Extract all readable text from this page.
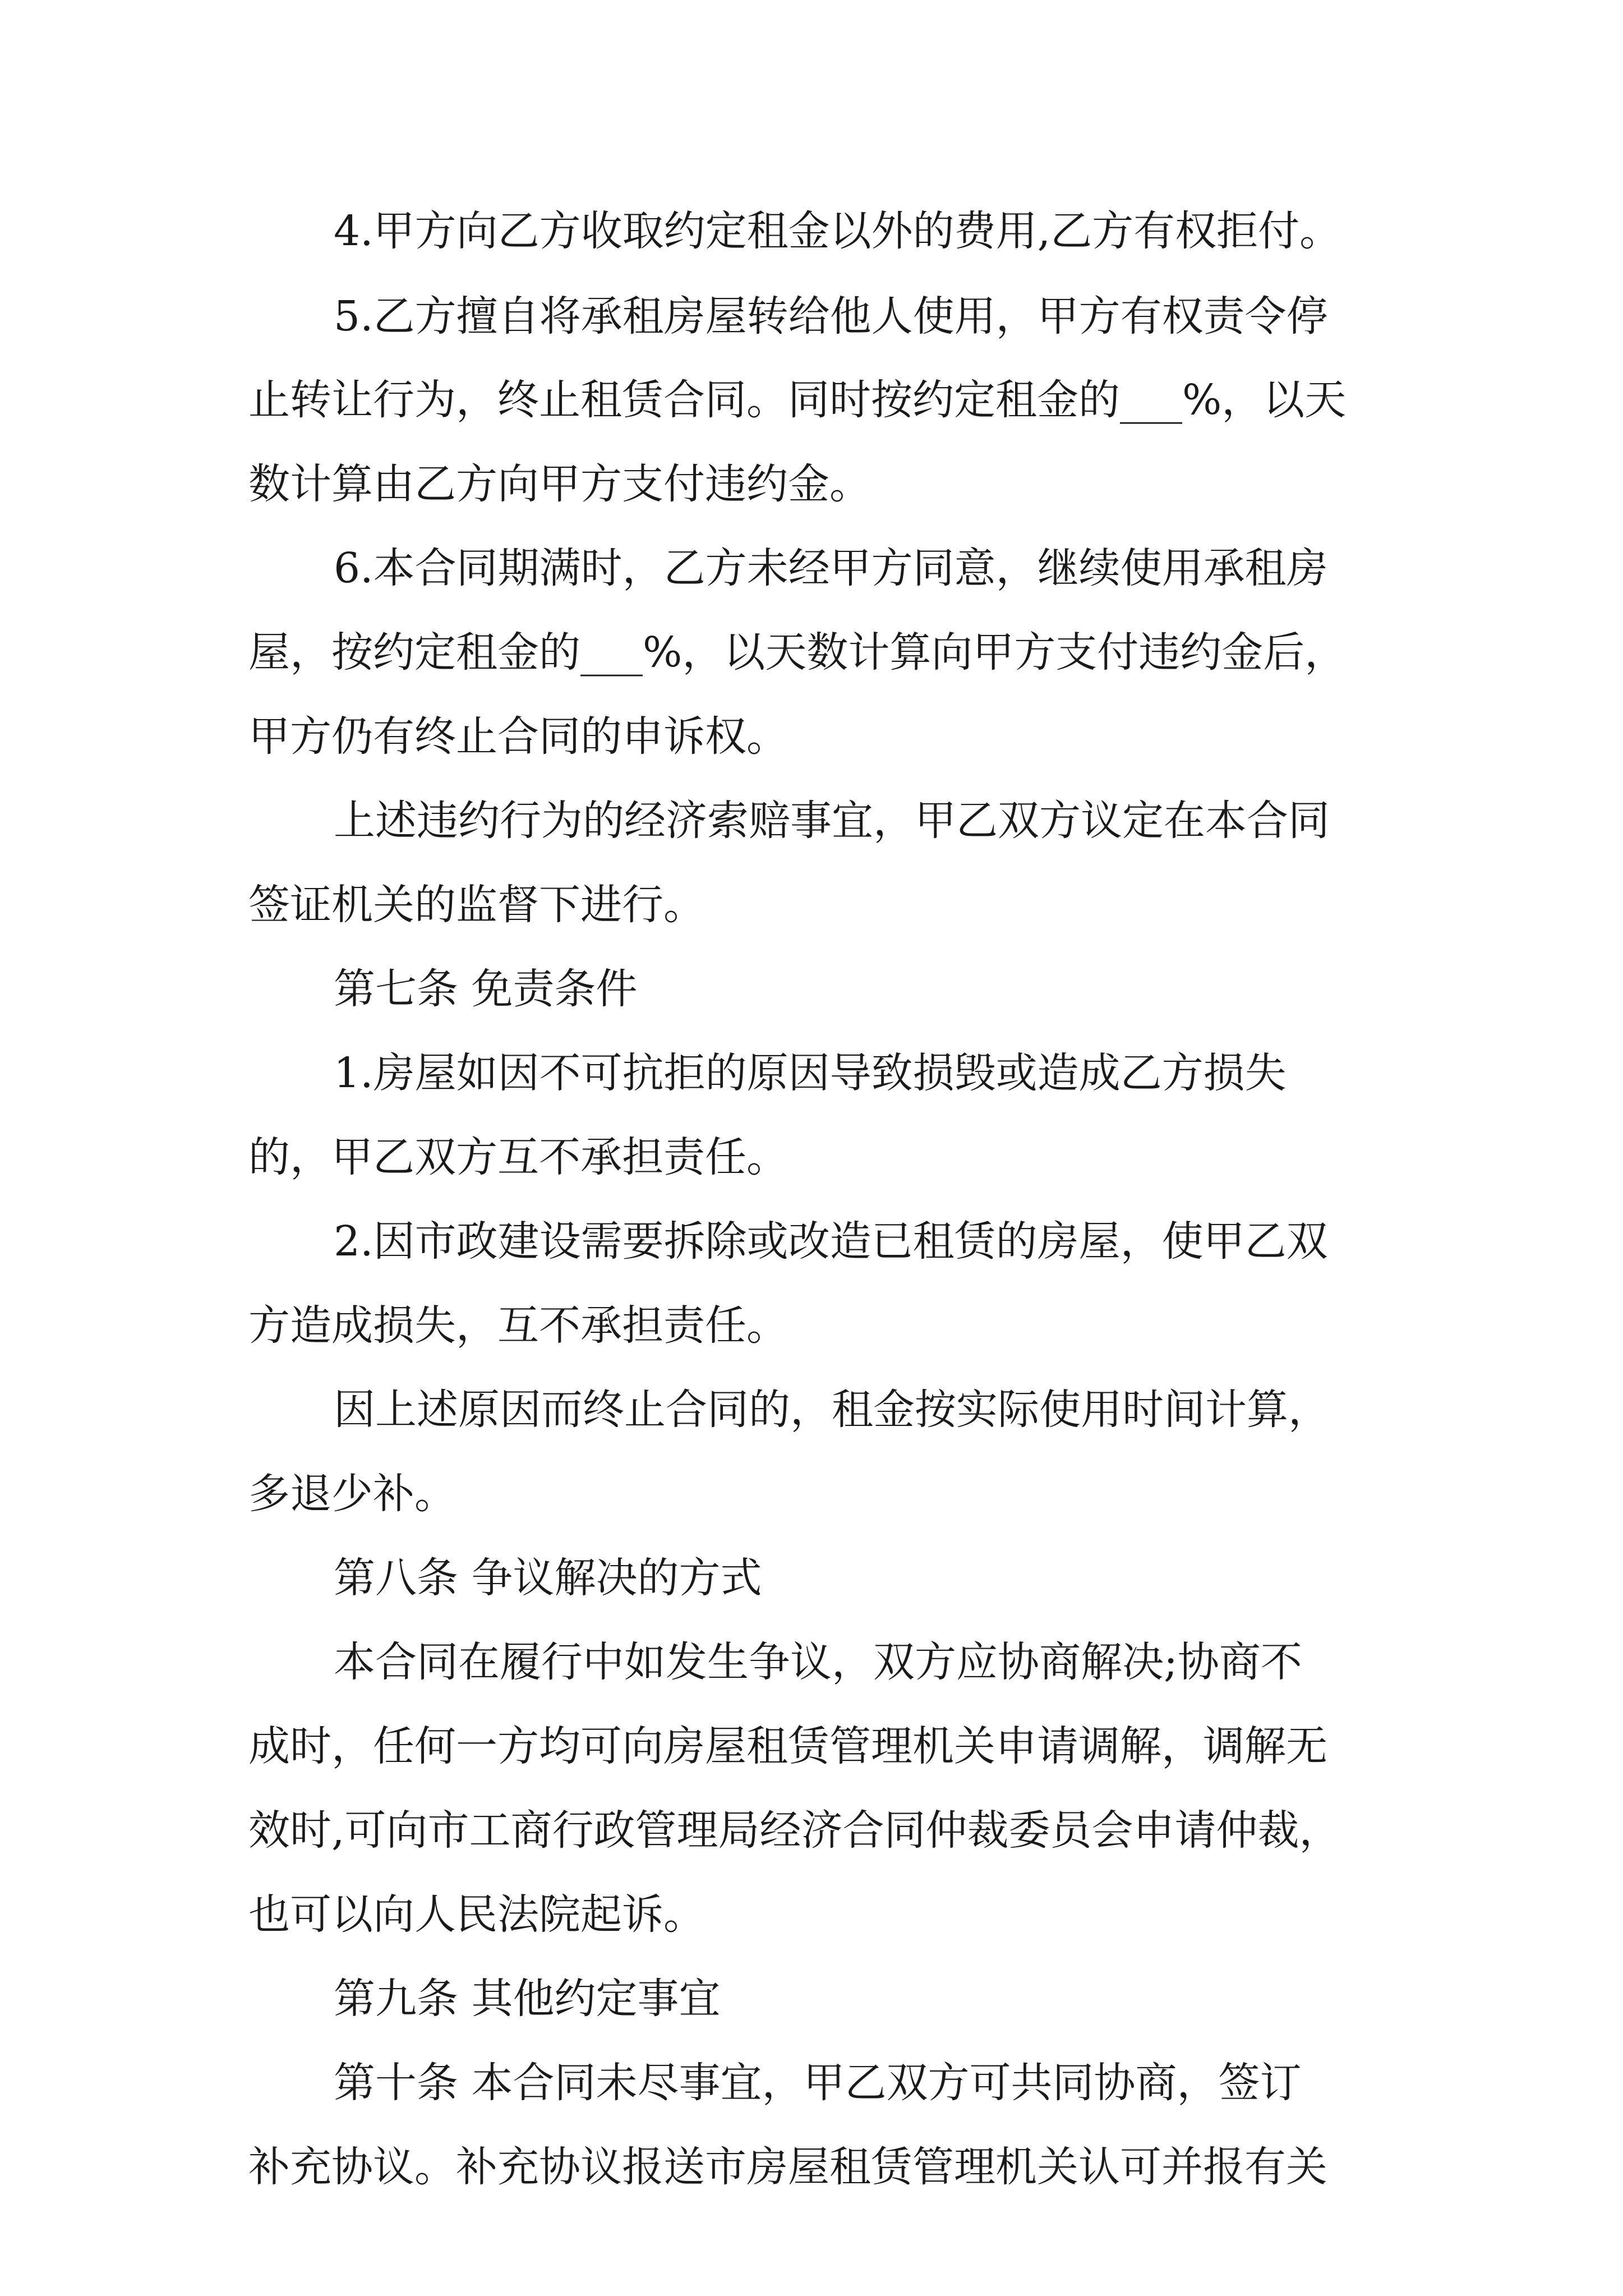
4.甲方向乙方收取约定租金以外的费用,乙方有权拒付。
5.乙方擅自将承租房屋转给他人使用，甲方有权责令停
止转让行为，终止租赁合同。同时按约定租金的___%，以天
数计算由乙方向甲方支付违约金。
6.本合同期满时，乙方未经甲方同意，继续使用承租房
屋，按约定租金的___%，以天数计算向甲方支付违约金后，
甲方仍有终止合同的申诉权。
上述违约行为的经济索赔事宜，甲乙双方议定在本合同
签证机关的监督下进行。
第七条 免责条件
1.房屋如因不可抗拒的原因导致损毁或造成乙方损失
的，甲乙双方互不承担责任。
2.因市政建设需要拆除或改造已租赁的房屋，使甲乙双
方造成损失，互不承担责任。
因上述原因而终止合同的，租金按实际使用时间计算，
多退少补。
第八条 争议解决的方式
本合同在履行中如发生争议，双方应协商解决;协商不
成时，任何一方均可向房屋租赁管理机关申请调解，调解无
效时,可向市工商行政管理局经济合同仲裁委员会申请仲裁，
也可以向人民法院起诉。
第九条 其他约定事宜
第十条 本合同未尽事宜，甲乙双方可共同协商，签订
补充协议。补充协议报送市房屋租赁管理机关认可并报有关
